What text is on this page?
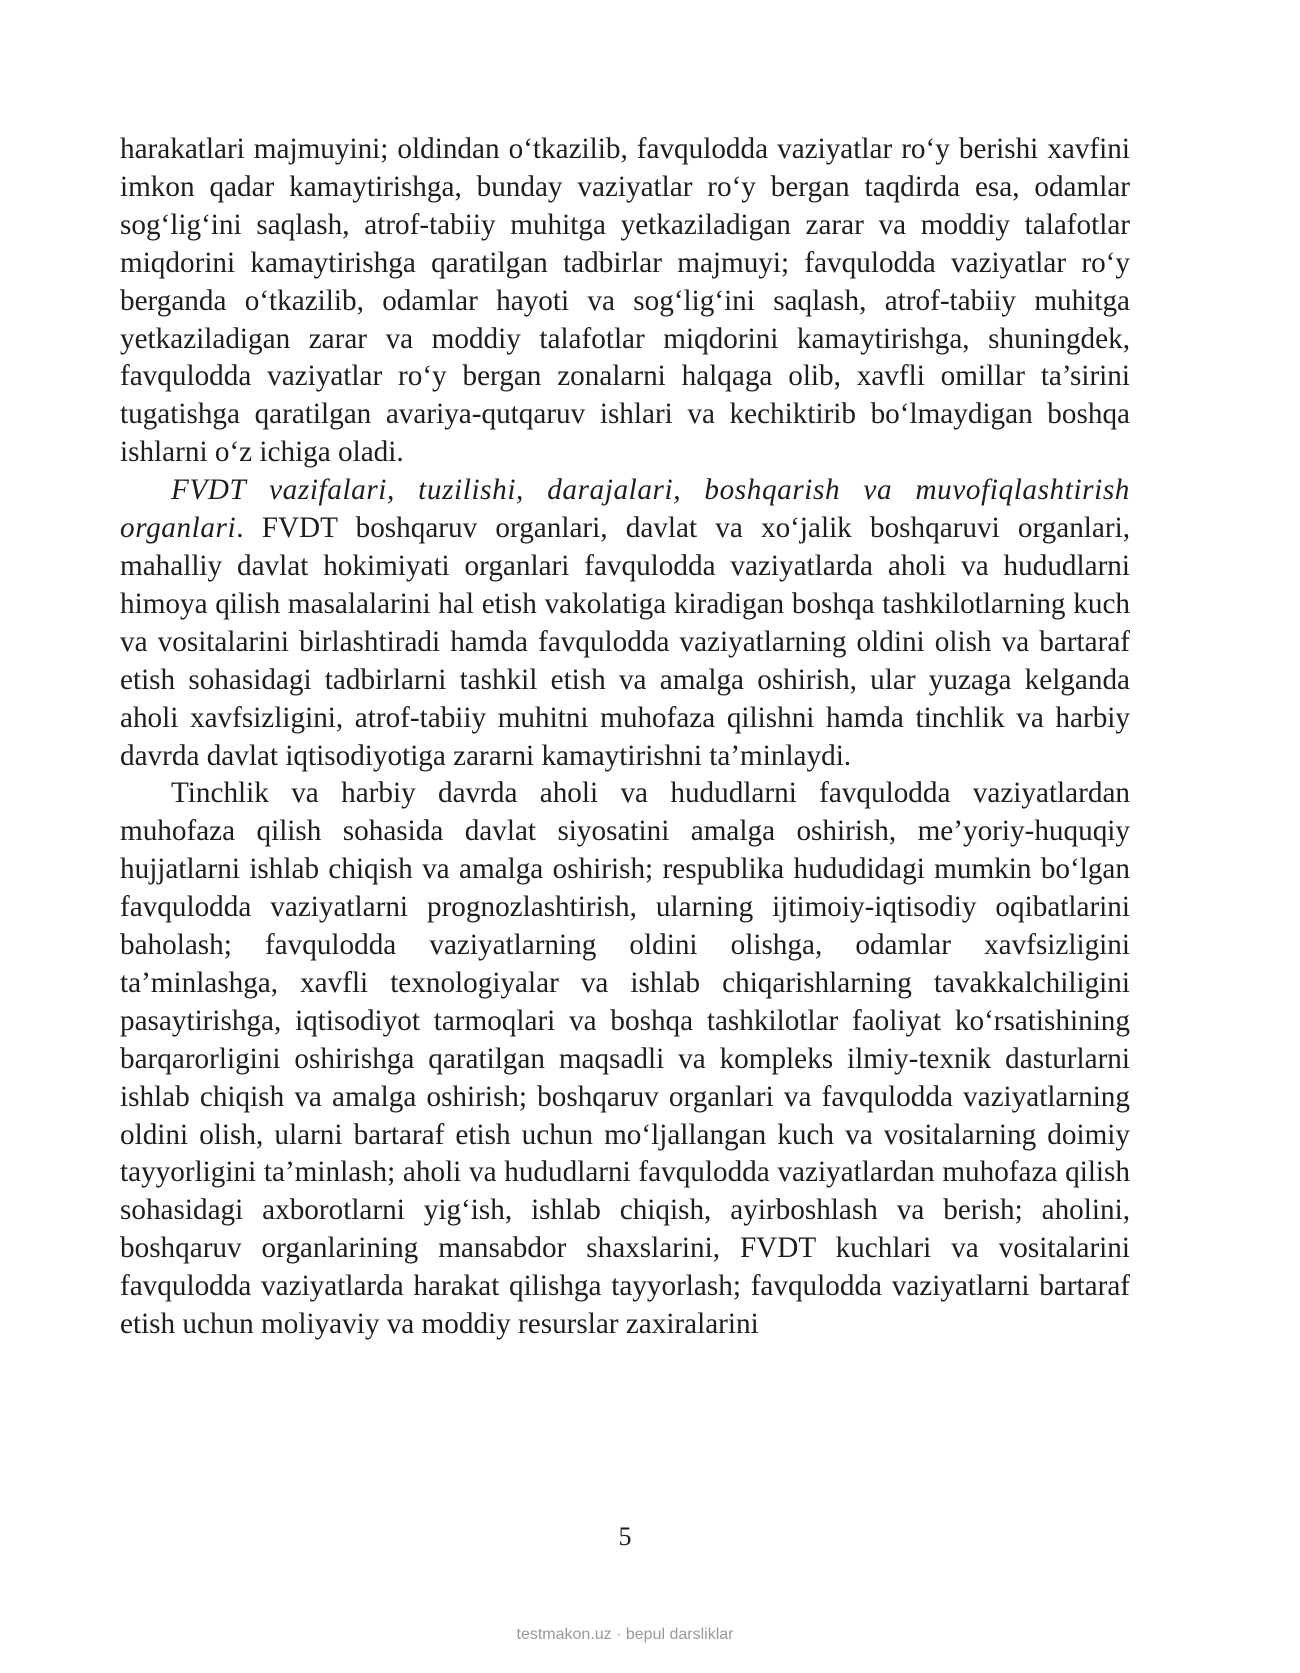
harakatlari majmuyini; oldindan o‘tkazilib, favqulodda vaziyatlar ro‘y berishi xavfini imkon qadar kamaytirishga, bunday vaziyatlar ro‘y bergan taqdirda esa, odamlar sog‘lig‘ini saqlash, atrof-tabiiy muhitga yetkaziladigan zarar va moddiy talafotlar miqdorini kamaytirishga qaratilgan tadbirlar majmuyi; favqulodda vaziyatlar ro‘y berganda o‘tkazilib, odamlar hayoti va sog‘lig‘ini saqlash, atrof-tabiiy muhitga yetkaziladigan zarar va moddiy talafotlar miqdorini kamaytirishga, shuningdek, favqulodda vaziyatlar ro‘y bergan zonalarni halqaga olib, xavfli omillar ta’sirini tugatishga qaratilgan avariya-qutqaruv ishlari va kechiktirib bo‘lmaydigan boshqa ishlarni o‘z ichiga oladi.

FVDT vazifalari, tuzilishi, darajalari, boshqarish va muvofiqlashtirish organlari. FVDT boshqaruv organlari, davlat va xo‘jalik boshqaruvi organlari, mahalliy davlat hokimiyati organlari favqulodda vaziyatlarda aholi va hududlarni himoya qilish masalalarini hal etish vakolatiga kiradigan boshqa tashkilotlarning kuch va vositalarini birlashtiradi hamda favqulodda vaziyatlarning oldini olish va bartaraf etish sohasidagi tadbirlarni tashkil etish va amalga oshirish, ular yuzaga kelganda aholi xavfsizligini, atrof-tabiiy muhitni muhofaza qilishni hamda tinchlik va harbiy davrda davlat iqtisodiyotiga zararni kamaytirishni ta’minlaydi.

Tinchlik va harbiy davrda aholi va hududlarni favqulodda vaziyatlardan muhofaza qilish sohasida davlat siyosatini amalga oshirish, me’yoriy-huquqiy hujjatlarni ishlab chiqish va amalga oshirish; respublika hududidagi mumkin bo‘lgan favqulodda vaziyatlarni prognozlashtirish, ularning ijtimoiy-iqtisodiy oqibatlarini baholash; favqulodda vaziyatlarning oldini olishga, odamlar xavfsizligini ta’minlashga, xavfli texnologiyalar va ishlab chiqarishlarning tavakkalchiligini pasaytirishga, iqtisodiyot tarmoqlari va boshqa tashkilotlar faoliyat ko‘rsatishining barqarorligini oshirishga qaratilgan maqsadli va kompleks ilmiy-texnik dasturlarni ishlab chiqish va amalga oshirish; boshqaruv organlari va favqulodda vaziyatlarning oldini olish, ularni bartaraf etish uchun mo‘ljallangan kuch va vositalarning doimiy tayyorligini ta’minlash; aholi va hududlarni favqulodda vaziyatlardan muhofaza qilish sohasidagi axborotlarni yig‘ish, ishlab chiqish, ayirboshlash va berish; aholini, boshqaruv organlarining mansabdor shaxslarini, FVDT kuchlari va vositalarini favqulodda vaziyatlarda harakat qilishga tayyorlash; favqulodda vaziyatlarni bartaraf etish uchun moliyaviy va moddiy resurslar zaxiralarini

5
testmakon.uz · bepul darsliklar
